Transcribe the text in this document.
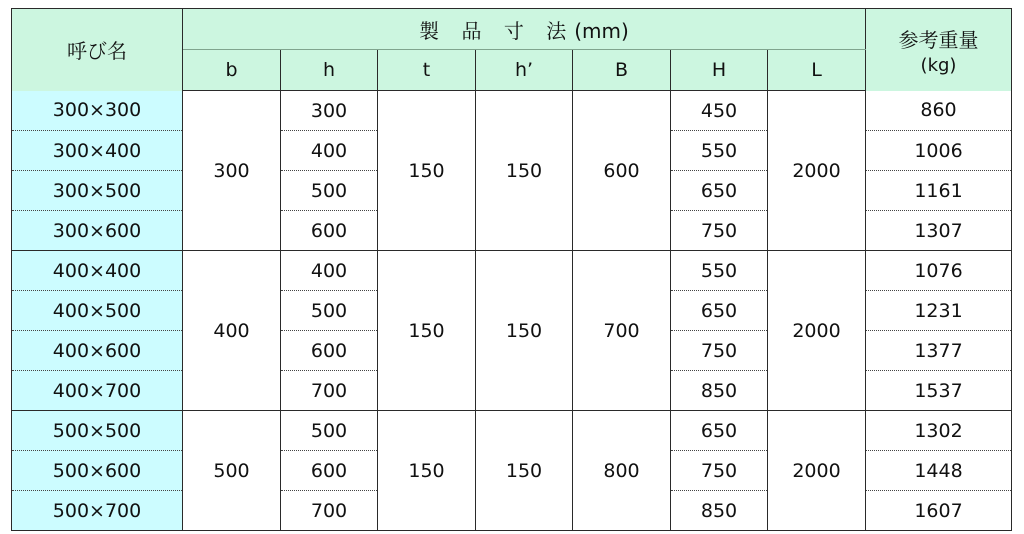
呼び名	製 品 寸 法(mm)							参考重量
(kg)

	b	h	t	h’	B	H	L	
300×300	300	300	150	150	600	450	2000	860
300×400		400				550		1006
300×500		500				650		1161
300×600		600				750		1307
400×400	400	400	150	150	700	550	2000	1076
400×500		500				650		1231
400×600		600				750		1377
400×700		700				850		1537
500×500	500	500	150	150	800	650	2000	1302
500×600		600				750		1448
500×700		700				850		1607
